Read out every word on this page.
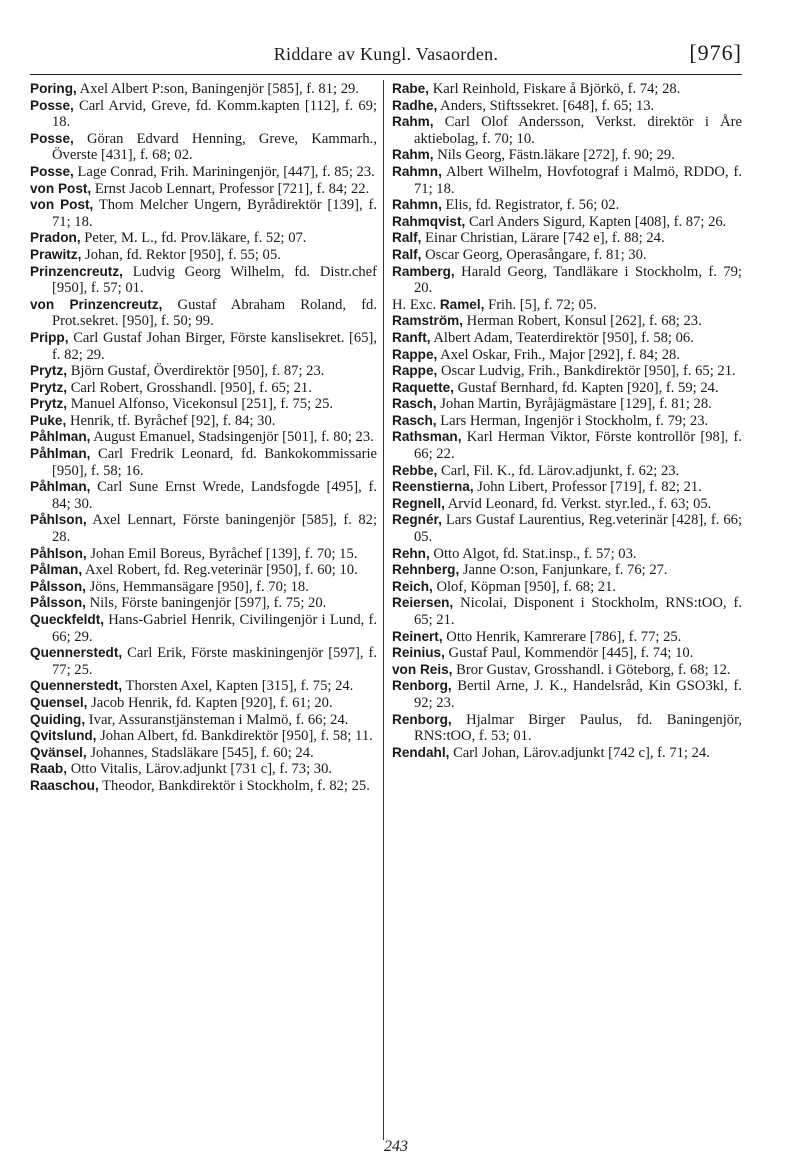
Riddare av Kungl. Vasaorden.	[976]

Poring, Axel Albert P:son, Baningenjör [585], f. 81; 29.

Posse, Carl Arvid, Greve, fd. Komm.kapten [112], f. 69; 18.

Posse, Göran Edvard Henning, Greve, Kammarh., Överste [431], f. 68; 02.

Posse, Lage Conrad, Frih. Mariningenjör, [447], f. 85; 23.

von Post, Ernst Jacob Lennart, Professor [721], f. 84; 22.

von Post, Thom Melcher Ungern, Byrådirektör [139], f. 71; 18.

Pradon, Peter, M. L., fd. Prov.läkare, f. 52; 07.

Prawitz, Johan, fd. Rektor [950], f. 55; 05.

Prinzencreutz, Ludvig Georg Wilhelm, fd. Distr.chef [950], f. 57; 01.

von Prinzencreutz, Gustaf Abraham Roland, fd. Prot.sekret. [950], f. 50; 99.

Pripp, Carl Gustaf Johan Birger, Förste kanslisekret. [65], f. 82; 29.

Prytz, Björn Gustaf, Överdirektör [950], f. 87; 23.

Prytz, Carl Robert, Grosshandl. [950], f. 65; 21.

Prytz, Manuel Alfonso, Vicekonsul [251], f. 75; 25.

Puke, Henrik, tf. Byråchef [92], f. 84; 30.

Påhlman, August Emanuel, Stadsingenjör [501], f. 80; 23.

Påhlman, Carl Fredrik Leonard, fd. Bankokommissarie [950], f. 58; 16.

Påhlman, Carl Sune Ernst Wrede, Landsfogde [495], f. 84; 30.

Påhlson, Axel Lennart, Förste baningenjör [585], f. 82; 28.

Påhlson, Johan Emil Boreus, Byråchef [139], f. 70; 15.

Pålman, Axel Robert, fd. Reg.veterinär [950], f. 60; 10.

Pålsson, Jöns, Hemmansägare [950], f. 70; 18.

Pålsson, Nils, Förste baningenjör [597], f. 75; 20.

Queckfeldt, Hans-Gabriel Henrik, Civilingenjör i Lund, f. 66; 29.

Quennerstedt, Carl Erik, Förste maskiningenjör [597], f. 77; 25.

Quennerstedt, Thorsten Axel, Kapten [315], f. 75; 24.

Quensel, Jacob Henrik, fd. Kapten [920], f. 61; 20.

Quiding, Ivar, Assuranstjänsteman i Malmö, f. 66; 24.

Qvitslund, Johan Albert, fd. Bankdirektör [950], f. 58; 11.

Qvänsel, Johannes, Stadsläkare [545], f. 60; 24.

Raab, Otto Vitalis, Lärov.adjunkt [731 c], f. 73; 30.

Raaschou, Theodor, Bankdirektör i Stockholm, f. 82; 25.

Rabe, Karl Reinhold, Fiskare å Björkö, f. 74; 28.

Radhe, Anders, Stiftssekret. [648], f. 65; 13.

Rahm, Carl Olof Andersson, Verkst. direktör i Åre aktiebolag, f. 70; 10.

Rahm, Nils Georg, Fästn.läkare [272], f. 90; 29.

Rahmn, Albert Wilhelm, Hovfotograf i Malmö, RDDO, f. 71; 18.

Rahmn, Elis, fd. Registrator, f. 56; 02.

Rahmqvist, Carl Anders Sigurd, Kapten [408], f. 87; 26.

Ralf, Einar Christian, Lärare [742 e], f. 88; 24.

Ralf, Oscar Georg, Operasångare, f. 81; 30.

Ramberg, Harald Georg, Tandläkare i Stockholm, f. 79; 20.

H. Exc. Ramel, Frih. [5], f. 72; 05.

Ramström, Herman Robert, Konsul [262], f. 68; 23.

Ranft, Albert Adam, Teaterdirektör [950], f. 58; 06.

Rappe, Axel Oskar, Frih., Major [292], f. 84; 28.

Rappe, Oscar Ludvig, Frih., Bankdirektör [950], f. 65; 21.

Raquette, Gustaf Bernhard, fd. Kapten [920], f. 59; 24.

Rasch, Johan Martin, Byråjägmästare [129], f. 81; 28.

Rasch, Lars Herman, Ingenjör i Stockholm, f. 79; 23.

Rathsman, Karl Herman Viktor, Förste kontrollör [98], f. 66; 22.

Rebbe, Carl, Fil. K., fd. Lärov.adjunkt, f. 62; 23.

Reenstierna, John Libert, Professor [719], f. 82; 21.

Regnell, Arvid Leonard, fd. Verkst. styr.led., f. 63; 05.

Regnér, Lars Gustaf Laurentius, Reg.veterinär [428], f. 66; 05.

Rehn, Otto Algot, fd. Stat.insp., f. 57; 03.

Rehnberg, Janne O:son, Fanjunkare, f. 76; 27.

Reich, Olof, Köpman [950], f. 68; 21.

Reiersen, Nicolai, Disponent i Stockholm, RNS:tOO, f. 65; 21.

Reinert, Otto Henrik, Kamrerare [786], f. 77; 25.

Reinius, Gustaf Paul, Kommendör [445], f. 74; 10.

von Reis, Bror Gustav, Grosshandl. i Göteborg, f. 68; 12.

Renborg, Bertil Arne, J. K., Handelsråd, Kin GSO3kl, f. 92; 23.

Renborg, Hjalmar Birger Paulus, fd. Baningenjör, RNS:tOO, f. 53; 01.

Rendahl, Carl Johan, Lärov.adjunkt [742 c], f. 71; 24.

243
